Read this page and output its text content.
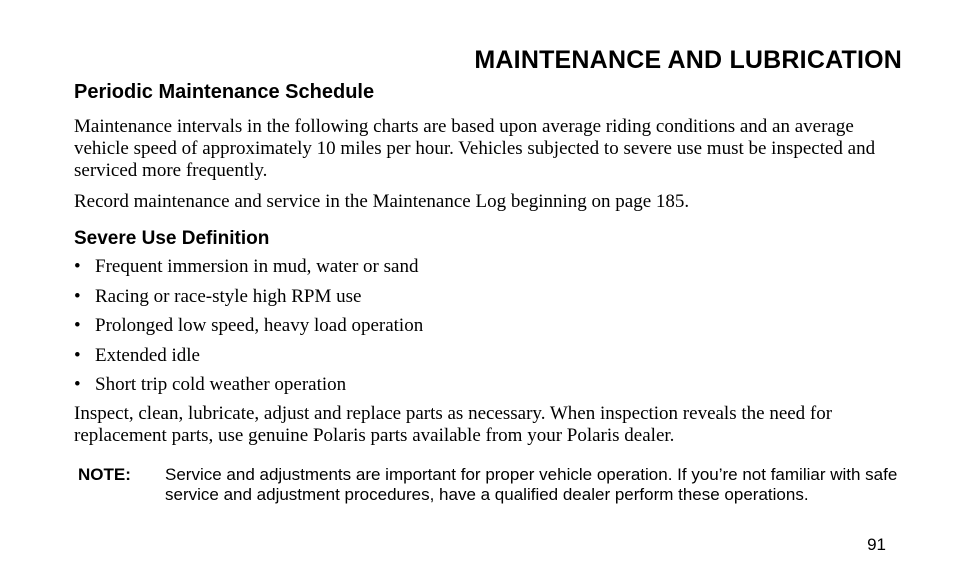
MAINTENANCE AND LUBRICATION
Periodic Maintenance Schedule
Maintenance intervals in the following charts are based upon average riding conditions and an average vehicle speed of approximately 10 miles per hour. Vehicles subjected to severe use must be inspected and serviced more frequently.
Record maintenance and service in the Maintenance Log beginning on page 185.
Severe Use Definition
• Frequent immersion in mud, water or sand
• Racing or race-style high RPM use
• Prolonged low speed, heavy load operation
• Extended idle
• Short trip cold weather operation
Inspect, clean, lubricate, adjust and replace parts as necessary. When inspection reveals the need for replacement parts, use genuine Polaris parts available from your Polaris dealer.
NOTE: Service and adjustments are important for proper vehicle operation. If you’re not familiar with safe service and adjustment procedures, have a qualified dealer perform these operations.
91
